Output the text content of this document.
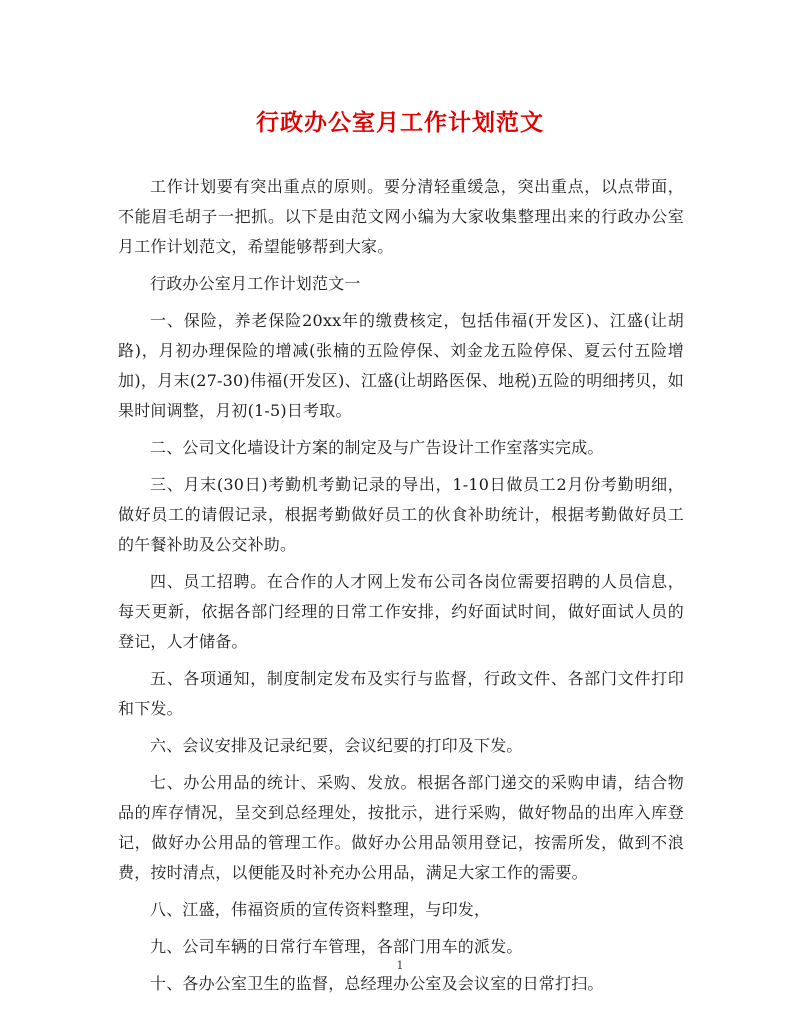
行政办公室月工作计划范文

工作计划要有突出重点的原则。要分清轻重缓急，突出重点，以点带面，不能眉毛胡子一把抓。以下是由范文网小编为大家收集整理出来的行政办公室月工作计划范文，希望能够帮到大家。

行政办公室月工作计划范文一

一、保险，养老保险20xx年的缴费核定，包括伟福(开发区)、江盛(让胡路)，月初办理保险的增减(张楠的五险停保、刘金龙五险停保、夏云付五险增加)，月末(27-30)伟福(开发区)、江盛(让胡路医保、地税)五险的明细拷贝，如果时间调整，月初(1-5)日考取。

二、公司文化墙设计方案的制定及与广告设计工作室落实完成。

三、月末(30日)考勤机考勤记录的导出，1-10日做员工2月份考勤明细，做好员工的请假记录，根据考勤做好员工的伙食补助统计，根据考勤做好员工的午餐补助及公交补助。

四、员工招聘。在合作的人才网上发布公司各岗位需要招聘的人员信息，每天更新，依据各部门经理的日常工作安排，约好面试时间，做好面试人员的登记，人才储备。

五、各项通知，制度制定发布及实行与监督，行政文件、各部门文件打印和下发。

六、会议安排及记录纪要，会议纪要的打印及下发。

七、办公用品的统计、采购、发放。根据各部门递交的采购申请，结合物品的库存情况，呈交到总经理处，按批示，进行采购，做好物品的出库入库登记，做好办公用品的管理工作。做好办公用品领用登记，按需所发，做到不浪费，按时清点，以便能及时补充办公用品，满足大家工作的需要。

八、江盛，伟福资质的宣传资料整理，与印发，

九、公司车辆的日常行车管理，各部门用车的派发。

十、各办公室卫生的监督，总经理办公室及会议室的日常打扫。

1
